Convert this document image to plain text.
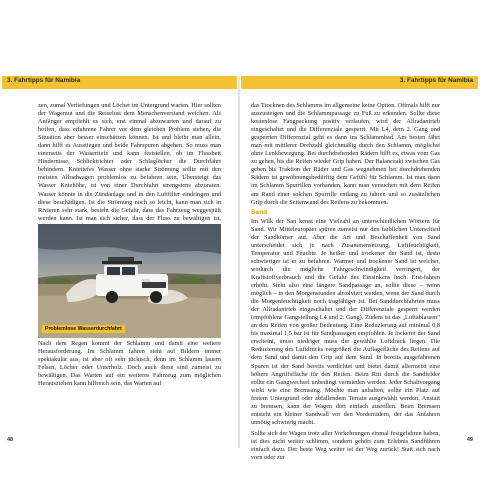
3. Fahrtipps für Namibia

zen, zumal Vertiefungen und Löcher im Untergrund warten. Hier sollten der Wagemut und die Reiselust dem Menschenverstand weichen. Als Anfänger empfiehlt es sich, erst einmal abzuwarten und darauf zu hoffen, dass erfahrene Fahrer vor dem gleichen Problem stehen, die Situation aber besser einschätzen können. Ist und bleibt man allein, dann hilft es Ausstiegen und beide Fahrspuren abgehen. So muss man einerseits der Wassertiefe und kann feststellen, ob im Flussbett Hindernisse, Schlicktrichter oder Schlaglöcher die Durchfahrt behindern. Knietiefes Wasser ohne starke Strömung sollte mit den meisten Allradwagen problemlos zu befahren sein. Übersteigt das Wasser Kniehöhe, ist von einer Durchfahrt strengstens abzuraten. Wasser könnte in die Zündanlage und in den Luftfilter eindringen und diese beschädigen. Ist die Strömung noch so leicht, kann man sich in Rivieren sehr stark, besteht die Gefahr, dass das Fahrzeug weggespült werden kann. Ist man sich sicher, dass der Fluss zu bewältigen ist,

Problemlose Wasserdurchfahrt

Nach dem Regen kommt der Schlamm und damit eine weitere Herausforderung. Im Schlamm fahren steht auf Bildern immer spektakulär aus, ist aber oft sehr tückisch, denn im Schlamm lauern Felsen, Löcher oder Unterholz. Doch auch diese sind zumeist zu bewältigen. Das Warten auf ein weiteres Fahrzeug zum möglichen Herausziehen kann hilfreich sein, das Warten auf

48
3. Fahrtipps für Namibia

das Trocknen des Schlamms im allgemeine keine Option. Oftmals hilft nur auszusteigen und die Schlammpassage zu Fuß zu erkunden. Sollte diese kostenlose Fangpackung positiv verlaufen, wird der Allradantrieb eingeschaltet und die Differenziale gesperrt. Mit L4, dem 2. Gang und gesperrten Differenzial geht es dann ins Schlammbad. Am besten fährt man mit mittlerer Drehzahl gleichmäßig durch den Schlamm, möglichst ohne Lenkbewegung. Bei durchdrehenden Rädern hilft es, etwas vom Gas zu gehen, bis die Reifen wieder Grip haben. Der Balanceakt zwischen Gas geben bis Traktion der Räder und Gas wegnehmen bei durchdrehenden Rädern ist gewöhnungsbedürftig dem Gefühl für Schlamm. Ist man dann im Schlamm Spurrillen vorhanden, kann man versuchen mit dem Reifen am Rand einer solchen Spurrille entlang zu fahren und so zusätzlichen Grip durch die Seitenwand des Reifens zu bekommen.

Sand

Im Wilk der San kennt eine Vielzahl an unterschiedlichen Wörtern für Sand. Wir Mitteleuropäer spüren zumeist nur den farblichen Unterschied der Sandkörner auf. Aber die Art und Beschaffenheit von Sand unterscheidet sich je nach Zusammensetzung, Luftfeuchtigkeit, Temperatur und Feuchte. Je heißer und trockener der Sand ist, desto schwieriger ist er zu befahren. Warmer und trockener Sand ist weicher, wodurch die mögliche Fahrgeschwindigkeit verringert, der Kraftstoffverbrauch und die Gefahr des Einsinkens hoch. Erst-fahren erhöht. Steht also eine längere Sandpassage an, sollte diese – wenn möglich – in den Morgenstunden absolviert werden, wenn der Sand durch die Morgenfeuchtigkeit noch tragfähiger ist. Bei Sanddurchfahrten muss der Allradantrieb eingeschaltet und der Differenziale gesperrt werden (empfohlene Gangstellung L4 und 2. Gang). Zudem ist das „Luftablassen“ an den Reifen von großer Bedeutung. Eine Reduzierung auf minimal 0,8 bis maximal 1,5 bar ist für Sandpassagen empfohlen. Je lockerer der Sand erscheint, umso niedriger muss der gewählte Luftdruck liegen. Die Reduzierung des Luftdrucks vergrößert die Auflagefläche des Reifens auf dem Sand und damit den Grip auf dem Sand. In bereits ausgefahrenen Spuren ist der Sand bereits verdichtet und bietet damit allermeist eine höhere Angriffsfläche für den Reifen. Beim Ritt durch die Sandfelder sollte ein Gangwechsel unbedingt vermieden werden. Jeder Schaltvorgang wirkt wie eine Bremsung. Möchte man anhalten, sollte ein Platz auf festem Untergrund oder abfallendem Terrain ausgewählt werden. Anstatt zu bremsen, kann der Wagen dort einfach ausrollen. Beim Bremsen entsteht ein kleiner Sandwall vor den Vorderrädern, der das Anfahren unnötig schwierig macht.

Sollte sich der Wagen trotz aller Vorkehrungen einmal festgefahren haben, ist dies nicht weiter schlimm, sondern gehört zum Erlebnis Sandführen einfach dazu. Der beste Weg weiter ist der Weg zurück! Statt sich nach vorn oder zur

49
